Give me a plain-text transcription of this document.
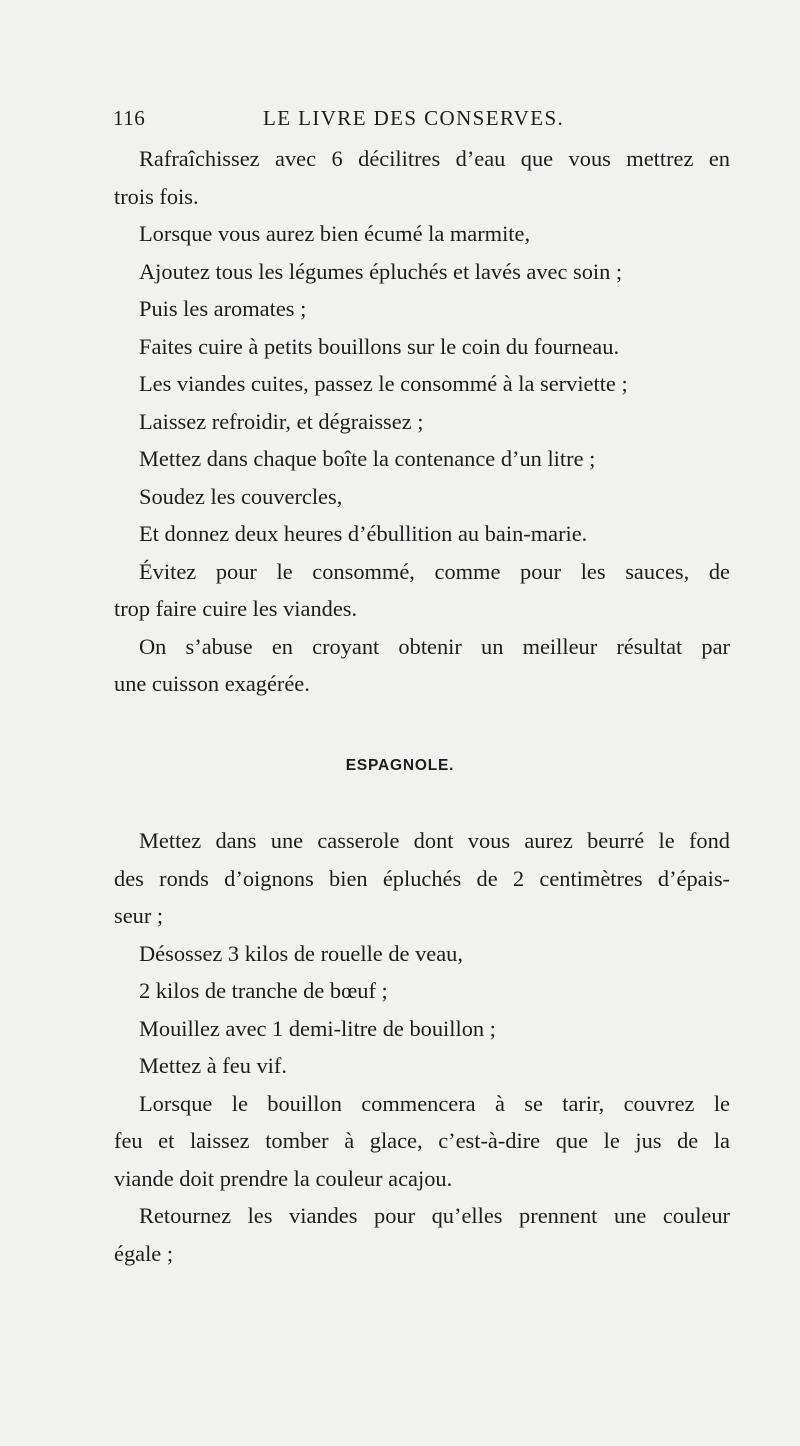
116	LE LIVRE DES CONSERVES.
Rafraîchissez avec 6 décilitres d’eau que vous mettrez en
trois fois.
Lorsque vous aurez bien écumé la marmite,
Ajoutez tous les légumes épluchés et lavés avec soin ;
Puis les aromates ;
Faites cuire à petits bouillons sur le coin du fourneau.
Les viandes cuites, passez le consommé à la serviette ;
Laissez refroidir, et dégraissez ;
Mettez dans chaque boîte la contenance d’un litre ;
Soudez les couvercles,
Et donnez deux heures d’ébullition au bain-marie.
Évitez pour le consommé, comme pour les sauces, de
trop faire cuire les viandes.
On s’abuse en croyant obtenir un meilleur résultat par
une cuisson exagérée.
ESPAGNOLE.
Mettez dans une casserole dont vous aurez beurré le fond
des ronds d’oignons bien épluchés de 2 centimètres d’épais-
seur ;
Désossez 3 kilos de rouelle de veau,
2 kilos de tranche de bœuf ;
Mouillez avec 1 demi-litre de bouillon ;
Mettez à feu vif.
Lorsque le bouillon commencera à se tarir, couvrez le
feu et laissez tomber à glace, c’est-à-dire que le jus de la
viande doit prendre la couleur acajou.
Retournez les viandes pour qu’elles prennent une couleur
égale ;
